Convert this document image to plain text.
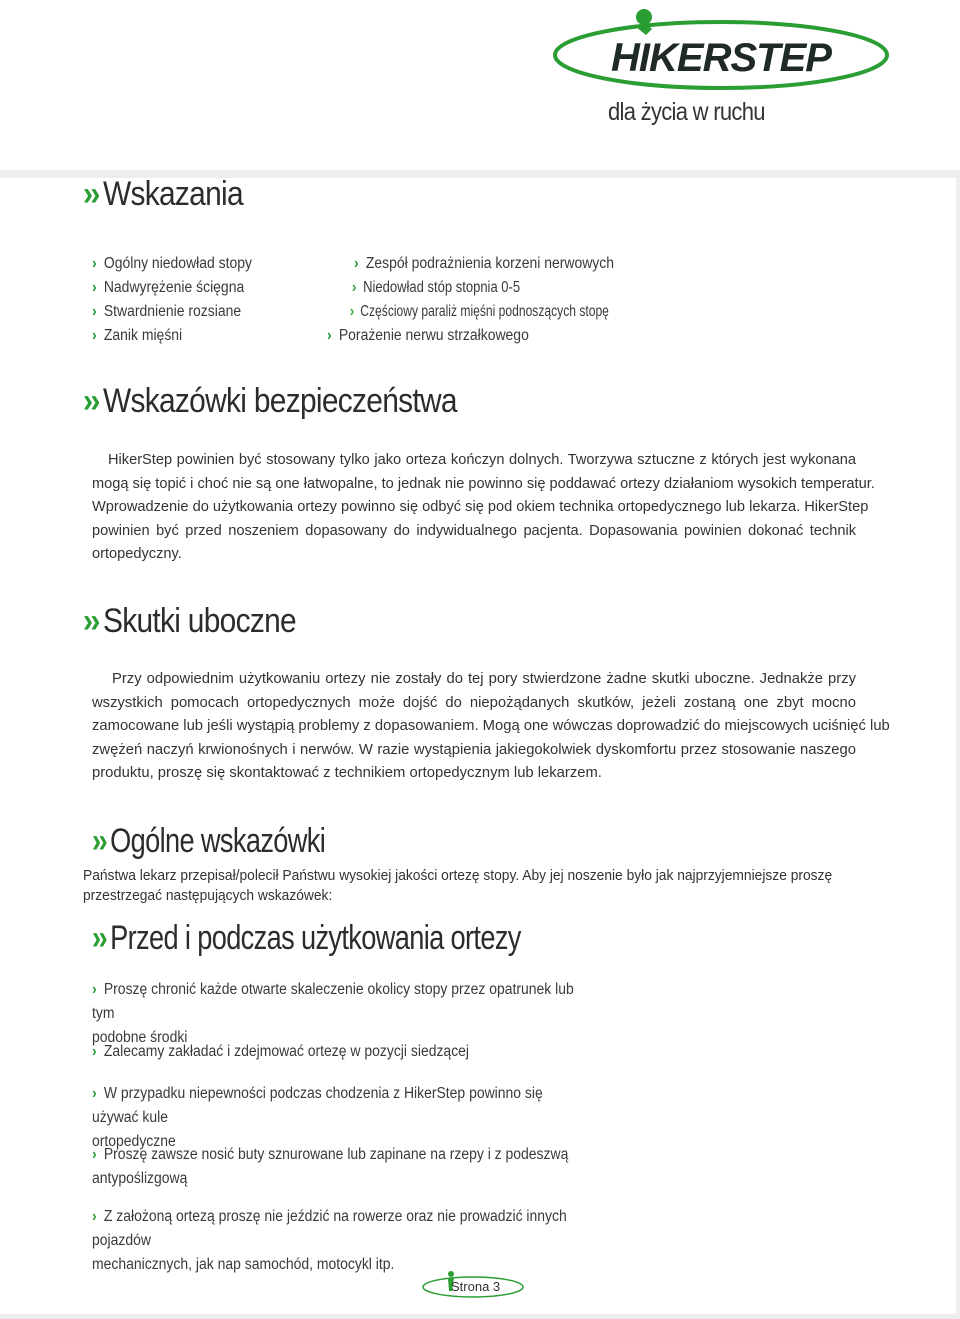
HIKERSTEP
dla życia w ruchu
›› Wskazania
› Ogólny niedowład stopy
› Nadwyrężenie ścięgna
› Stwardnienie rozsiane
› Zanik mięśni
› Zespół podrażnienia korzeni nerwowych
› Niedowład stóp stopnia 0-5
› Częściowy paraliż mięśni podnoszących stopę
› Porażenie nerwu strzałkowego
›› Wskazówki bezpieczeństwa
HikerStep powinien być stosowany tylko jako orteza kończyn dolnych. Tworzywa sztuczne z których jest wykonana
mogą się topić i choć nie są one łatwopalne, to jednak nie powinno się poddawać ortezy działaniom wysokich temperatur.
Wprowadzenie do użytkowania ortezy powinno się odbyć się pod okiem technika ortopedycznego lub lekarza. HikerStep
powinien być przed noszeniem dopasowany do indywidualnego pacjenta. Dopasowania powinien dokonać technik
ortopedyczny.
›› Skutki uboczne
Przy odpowiednim użytkowaniu ortezy nie zostały do tej pory stwierdzone żadne skutki uboczne. Jednakże przy
wszystkich pomocach ortopedycznych może dojść do niepożądanych skutków, jeżeli zostaną one zbyt mocno
zamocowane lub jeśli wystąpią problemy z dopasowaniem. Mogą one wówczas doprowadzić do miejscowych uciśnięć lub
zwężeń naczyń krwionośnych i nerwów. W razie wystąpienia jakiegokolwiek dyskomfortu przez stosowanie naszego
produktu, proszę się skontaktować z technikiem ortopedycznym lub lekarzem.
›› Ogólne wskazówki
Państwa lekarz przepisał/polecił Państwu wysokiej jakości ortezę stopy. Aby jej noszenie było jak najprzyjemniejsze proszę
przestrzegać następujących wskazówek:
›› Przed i podczas użytkowania ortezy
› Proszę chronić każde otwarte skaleczenie okolicy stopy przez opatrunek lub tym
podobne środki
› Zalecamy zakładać i zdejmować ortezę w pozycji siedzącej
› W przypadku niepewności podczas chodzenia z HikerStep powinno się używać kule
ortopedyczne
› Proszę zawsze nosić buty sznurowane lub zapinane na rzepy i z podeszwą
antypoślizgową
› Z założoną ortezą proszę nie jeździć na rowerze oraz nie prowadzić innych pojazdów
mechanicznych, jak nap samochód, motocykl itp.
Strona 3
